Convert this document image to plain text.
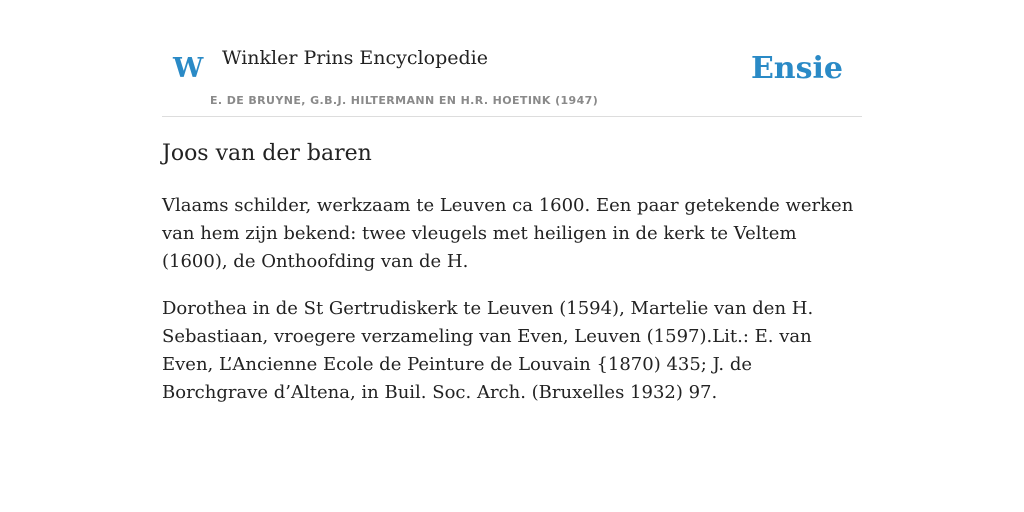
W Winkler Prins Encyclopedie
E. DE BRUYNE, G.B.J. HILTERMANN EN H.R. HOETINK (1947)
Ensie
Joos van der baren

Vlaams schilder, werkzaam te Leuven ca 1600. Een paar getekende werken van hem zijn bekend: twee vleugels met heiligen in de kerk te Veltem (1600), de Onthoofding van de H.

Dorothea in de St Gertrudiskerk te Leuven (1594), Martelie van den H. Sebastiaan, vroegere verzameling van Even, Leuven (1597).Lit.: E. van Even, L’Ancienne Ecole de Peinture de Louvain {1870) 435; J. de Borchgrave d’Altena, in Buil. Soc. Arch. (Bruxelles 1932) 97.
